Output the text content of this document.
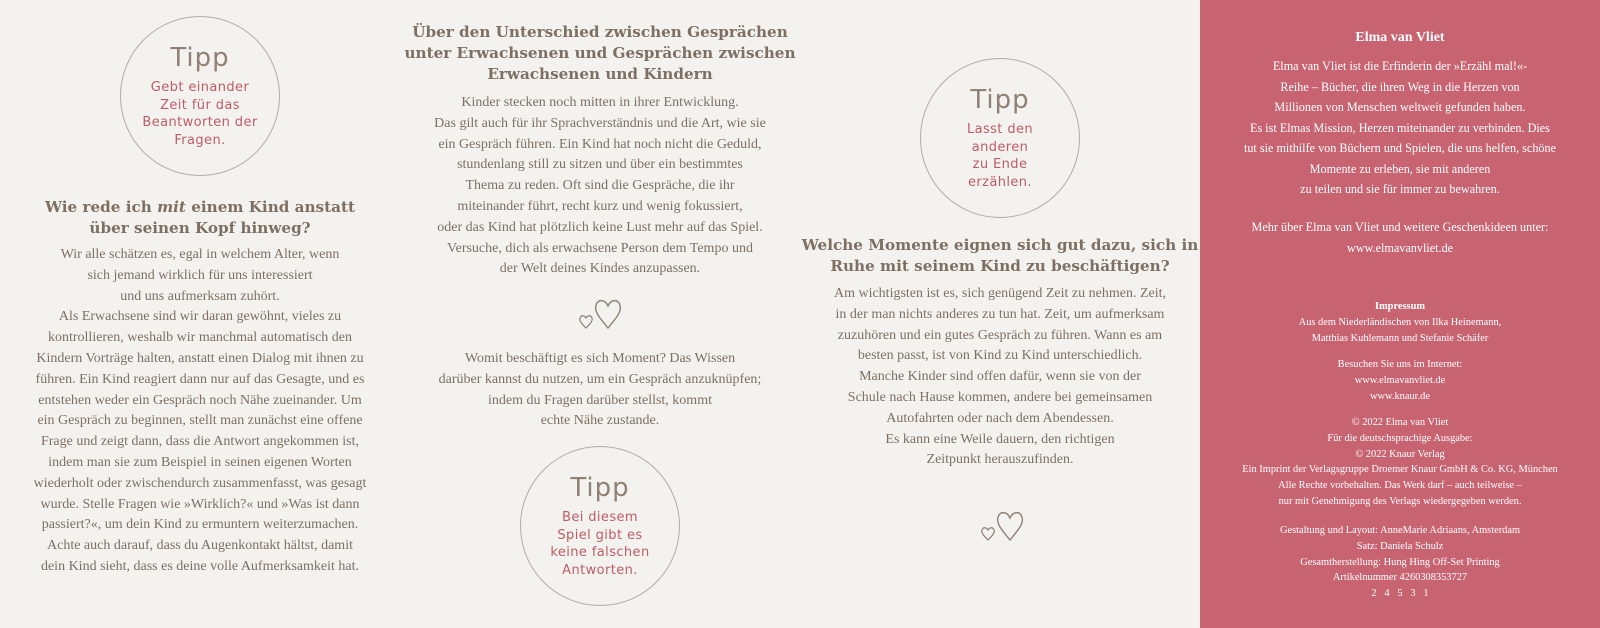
Tipp
Gebt einander
Zeit für das
Beantworten der
Fragen.
Wie rede ich mit einem Kind anstatt
über seinen Kopf hinweg?
Wir alle schätzen es, egal in welchem Alter, wenn
sich jemand wirklich für uns interessiert
und uns aufmerksam zuhört.
Als Erwachsene sind wir daran gewöhnt, vieles zu
kontrollieren, weshalb wir manchmal automatisch den
Kindern Vorträge halten, anstatt einen Dialog mit ihnen zu
führen. Ein Kind reagiert dann nur auf das Gesagte, und es
entstehen weder ein Gespräch noch Nähe zueinander. Um
ein Gespräch zu beginnen, stellt man zunächst eine offene
Frage und zeigt dann, dass die Antwort angekommen ist,
indem man sie zum Beispiel in seinen eigenen Worten
wiederholt oder zwischendurch zusammenfasst, was gesagt
wurde. Stelle Fragen wie »Wirklich?« und »Was ist dann
passiert?«, um dein Kind zu ermuntern weiterzumachen.
Achte auch darauf, dass du Augenkontakt hältst, damit
dein Kind sieht, dass es deine volle Aufmerksamkeit hat.
Über den Unterschied zwischen Gesprächen
unter Erwachsenen und Gesprächen zwischen
Erwachsenen und Kindern
Kinder stecken noch mitten in ihrer Entwicklung.
Das gilt auch für ihr Sprachverständnis und die Art, wie sie
ein Gespräch führen. Ein Kind hat noch nicht die Geduld,
stundenlang still zu sitzen und über ein bestimmtes
Thema zu reden. Oft sind die Gespräche, die ihr
miteinander führt, recht kurz und wenig fokussiert,
oder das Kind hat plötzlich keine Lust mehr auf das Spiel.
Versuche, dich als erwachsene Person dem Tempo und
der Welt deines Kindes anzupassen.
Womit beschäftigt es sich Moment? Das Wissen
darüber kannst du nutzen, um ein Gespräch anzuknüpfen;
indem du Fragen darüber stellst, kommt
echte Nähe zustande.
Tipp
Bei diesem
Spiel gibt es
keine falschen
Antworten.
Tipp
Lasst den
anderen
zu Ende
erzählen.
Welche Momente eignen sich gut dazu, sich in
Ruhe mit seinem Kind zu beschäftigen?
Am wichtigsten ist es, sich genügend Zeit zu nehmen. Zeit,
in der man nichts anderes zu tun hat. Zeit, um aufmerksam
zuzuhören und ein gutes Gespräch zu führen. Wann es am
besten passt, ist von Kind zu Kind unterschiedlich.
Manche Kinder sind offen dafür, wenn sie von der
Schule nach Hause kommen, andere bei gemeinsamen
Autofahrten oder nach dem Abendessen.
Es kann eine Weile dauern, den richtigen
Zeitpunkt herauszufinden.
Elma van Vliet
Elma van Vliet ist die Erfinderin der »Erzähl mal!«-
Reihe – Bücher, die ihren Weg in die Herzen von
Millionen von Menschen weltweit gefunden haben.
Es ist Elmas Mission, Herzen miteinander zu verbinden. Dies
tut sie mithilfe von Büchern und Spielen, die uns helfen, schöne
Momente zu erleben, sie mit anderen
zu teilen und sie für immer zu bewahren.
Mehr über Elma van Vliet und weitere Geschenkideen unter:
www.elmavanvliet.de
Impressum
Aus dem Niederländischen von Ilka Heinemann,
Matthias Kuhlemann und Stefanie Schäfer
Besuchen Sie uns im Internet:
www.elmavanvliet.de
www.knaur.de
© 2022 Elma van Vliet
Für die deutschsprachige Ausgabe:
© 2022 Knaur Verlag
Ein Imprint der Verlagsgruppe Droemer Knaur GmbH & Co. KG, München
Alle Rechte vorbehalten. Das Werk darf – auch teilweise –
nur mit Genehmigung des Verlags wiedergegeben werden.
Gestaltung und Layout: AnneMarie Adriaans, Amsterdam
Satz: Daniela Schulz
Gesamtherstellung: Hung Hing Off-Set Printing
Artikelnummer 4260308353727
2   4   5   3   1
